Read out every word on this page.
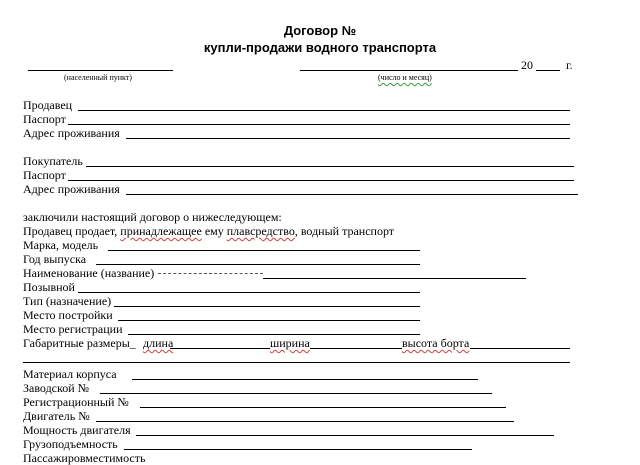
Договор №
купли-продажи водного транспорта
(населенный пункт)
20	г.
(число и месяц)
Продавец
Паспорт
Адрес проживания
Покупатель
Паспорт
Адрес проживания
заключили настоящий договор о нижеследующем:
Продавец продает, принадлежащее ему плавсредство, водный транспорт
Марка, модель
Год выпуска
Наименование (название)
Позывной
Тип (назначение)
Место постройки
Место регистрации
Габаритные размеры_ длина	ширина	высота борта
Материал корпуса
Заводской №
Регистрационный №
Двигатель №
Мощность двигателя
Грузоподъемность
Пассажировместимость
